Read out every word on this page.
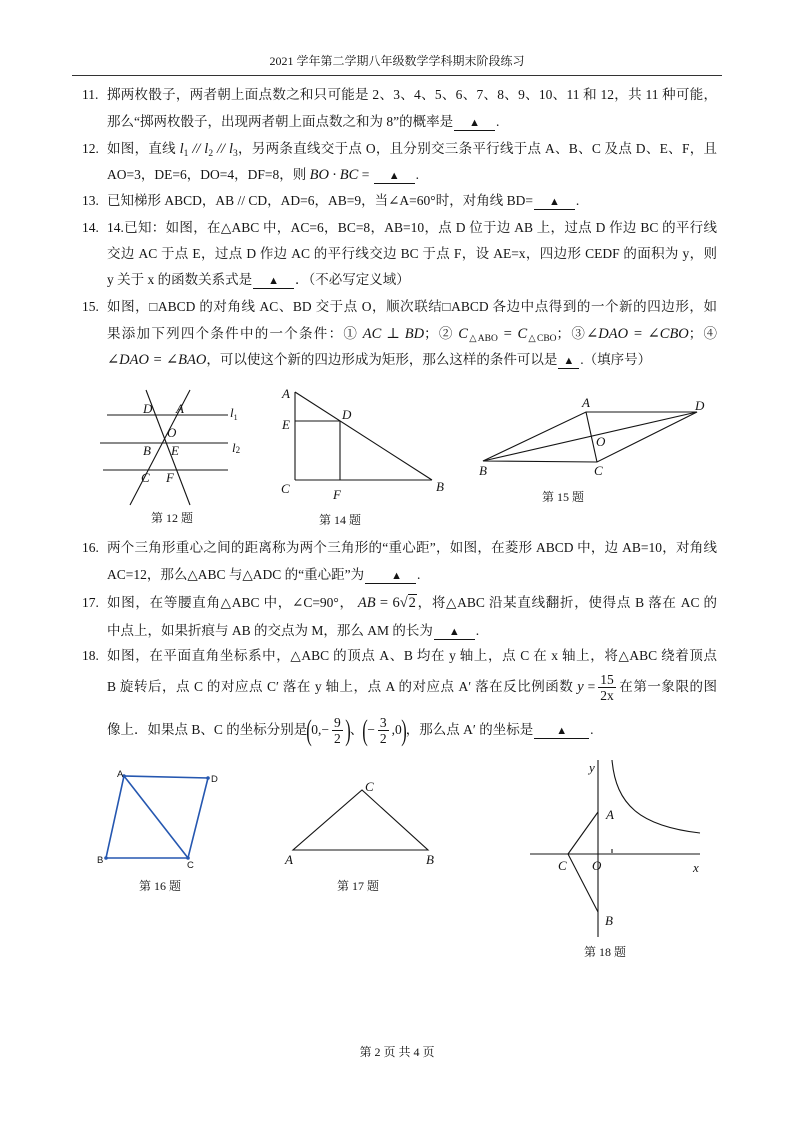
2021 学年第二学期八年级数学学科期末阶段练习
11. 掷两枚骰子，两者朝上面点数之和只可能是 2、3、4、5、6、7、8、9、10、11 和 12，共 11 种可能，
那么“掷两枚骰子，出现两者朝上面点数之和为 8”的概率是 ▲ .
12. 如图，直线 $l_1 // l_2 // l_3$，另两条直线交于点 O，且分别交三条平行线于点 A、B、C 及点 D、E、F，且
AO=3，DE=6，DO=4，DF=8，则 BO · BC = ▲ .
13. 已知梯形 ABCD，AB // CD，AD=6，AB=9，当∠A=60°时，对角线 BD= ▲ .
14. 14.已知：如图，在△ABC 中，AC=6，BC=8，AB=10，点 D 位于边 AB 上，过点 D 作边 BC 的平行线
交边 AC 于点 E，过点 D 作边 AC 的平行线交边 BC 于点 F，设 AE=x，四边形 CEDF 的面积为 y，则
y 关于 x 的函数关系式是 ▲ ．（不必写定义域）
15. 如图，□ABCD 的对角线 AC、BD 交于点 O，顺次联结□ABCD 各边中点得到的一个新的四边形，如
果添加下列四个条件中的一个条件：① AC ⊥ BD；② $C_{\triangle ABO} = C_{\triangle CBO}$；③∠DAO = ∠CBO；④
∠DAO = ∠BAO，可以使这个新的四边形成为矩形，那么这样的条件可以是 ▲ .（填序号）
16. 两个三角形重心之间的距离称为两个三角形的“重心距”，如图，在菱形 ABCD 中，边 AB=10，对角线
AC=12，那么△ABC 与△ADC 的“重心距”为 ▲ .
17. 如图，在等腰直角△ABC 中，∠C=90°， AB = 6√2，将△ABC 沿某直线翻折，使得点 B 落在 AC 的
中点上，如果折痕与 AB 的交点为 M，那么 AM 的长为 ▲ .
18. 如图，在平面直角坐标系中，△ABC 的顶点 A、B 均在 y 轴上，点 C 在 x 轴上，将△ABC 绕着顶点
B 旋转后，点 C 的对应点 C′ 落在 y 轴上，点 A 的对应点 A′ 落在反比例函数 $y = \frac{15}{2x}$ 在第一象限的图
像上．如果点 B、C 的坐标分别是($0,- \frac{9}{2}$ )、(− $\frac{3}{2} ,0$)，那么点 A′ 的坐标是 ▲ .
D A
O
B E
C F
$l_1$
l2
第 12 题
A
E
D
C	F
B
第 14 题
A	D
O
B	C
第 15 题
A	D
B	C
第 16 题
C
A	B
第 17 题
y
x
A
C O
B
第 18 题
第 2 页 共 4 页
